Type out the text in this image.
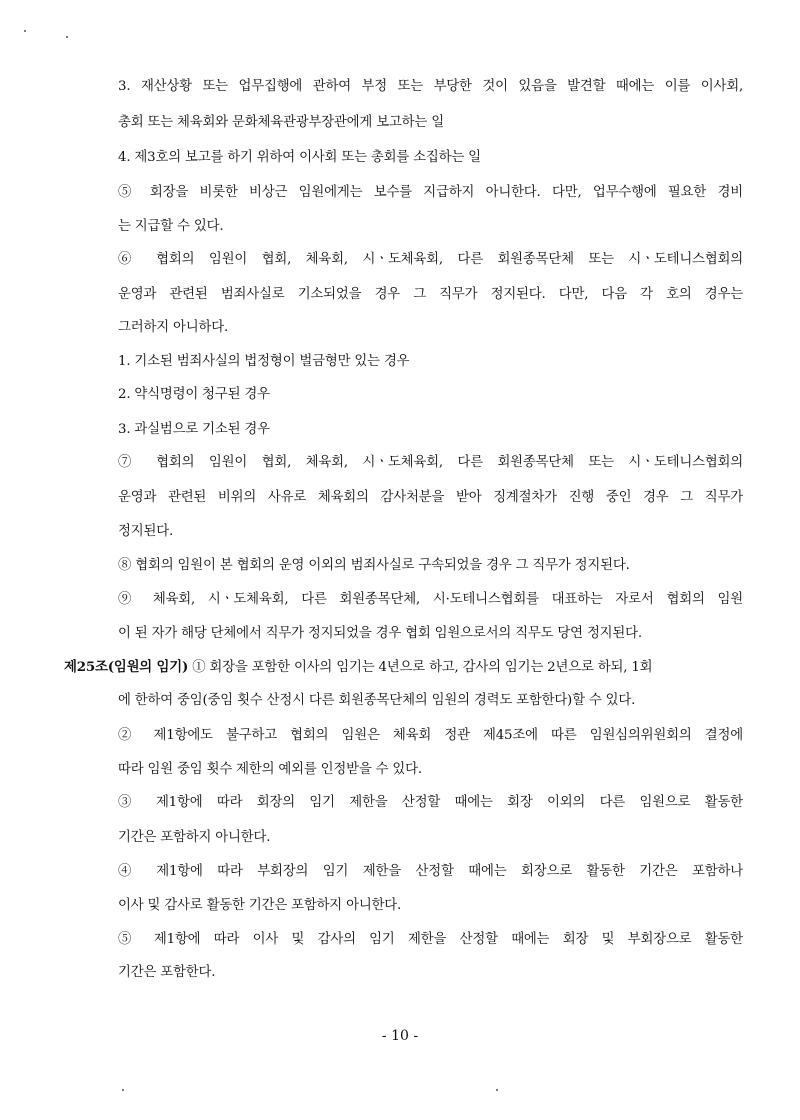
3. 재산상황 또는 업무집행에 관하여 부정 또는 부당한 것이 있음을 발견할 때에는 이를 이사회,
총회 또는 체육회와 문화체육관광부장관에게 보고하는 일
4. 제3호의 보고를 하기 위하여 이사회 또는 총회를 소집하는 일
⑤ 회장을 비롯한 비상근 임원에게는 보수를 지급하지 아니한다. 다만, 업무수행에 필요한 경비
는 지급할 수 있다.
⑥ 협회의 임원이 협회, 체육회, 시ㆍ도체육회, 다른 회원종목단체 또는 시ㆍ도테니스협회의
운영과 관련된 범죄사실로 기소되었을 경우 그 직무가 정지된다. 다만, 다음 각 호의 경우는
그러하지 아니하다.
1. 기소된 범죄사실의 법정형이 벌금형만 있는 경우
2. 약식명령이 청구된 경우
3. 과실범으로 기소된 경우
⑦ 협회의 임원이 협회, 체육회, 시ㆍ도체육회, 다른 회원종목단체 또는 시ㆍ도테니스협회의
운영과 관련된 비위의 사유로 체육회의 감사처분을 받아 징계절차가 진행 중인 경우 그 직무가
정지된다.
⑧ 협회의 임원이 본 협회의 운영 이외의 범죄사실로 구속되었을 경우 그 직무가 정지된다.
⑨ 체육회, 시ㆍ도체육회, 다른 회원종목단체, 시·도테니스협회를 대표하는 자로서 협회의 임원
이 된 자가 해당 단체에서 직무가 정지되었을 경우 협회 임원으로서의 직무도 당연 정지된다.
제25조(임원의 임기) ① 회장을 포함한 이사의 임기는 4년으로 하고, 감사의 임기는 2년으로 하되, 1회
에 한하여 중임(중임 횟수 산정시 다른 회원종목단체의 임원의 경력도 포함한다)할 수 있다.
② 제1항에도 불구하고 협회의 임원은 체육회 정관 제45조에 따른 임원심의위원회의 결정에
따라 임원 중임 횟수 제한의 예외를 인정받을 수 있다.
③ 제1항에 따라 회장의 임기 제한을 산정할 때에는 회장 이외의 다른 임원으로 활동한
기간은 포함하지 아니한다.
④ 제1항에 따라 부회장의 임기 제한을 산정할 때에는 회장으로 활동한 기간은 포함하나
이사 및 감사로 활동한 기간은 포함하지 아니한다.
⑤ 제1항에 따라 이사 및 감사의 임기 제한을 산정할 때에는 회장 및 부회장으로 활동한
기간은 포함한다.
- 10 -
